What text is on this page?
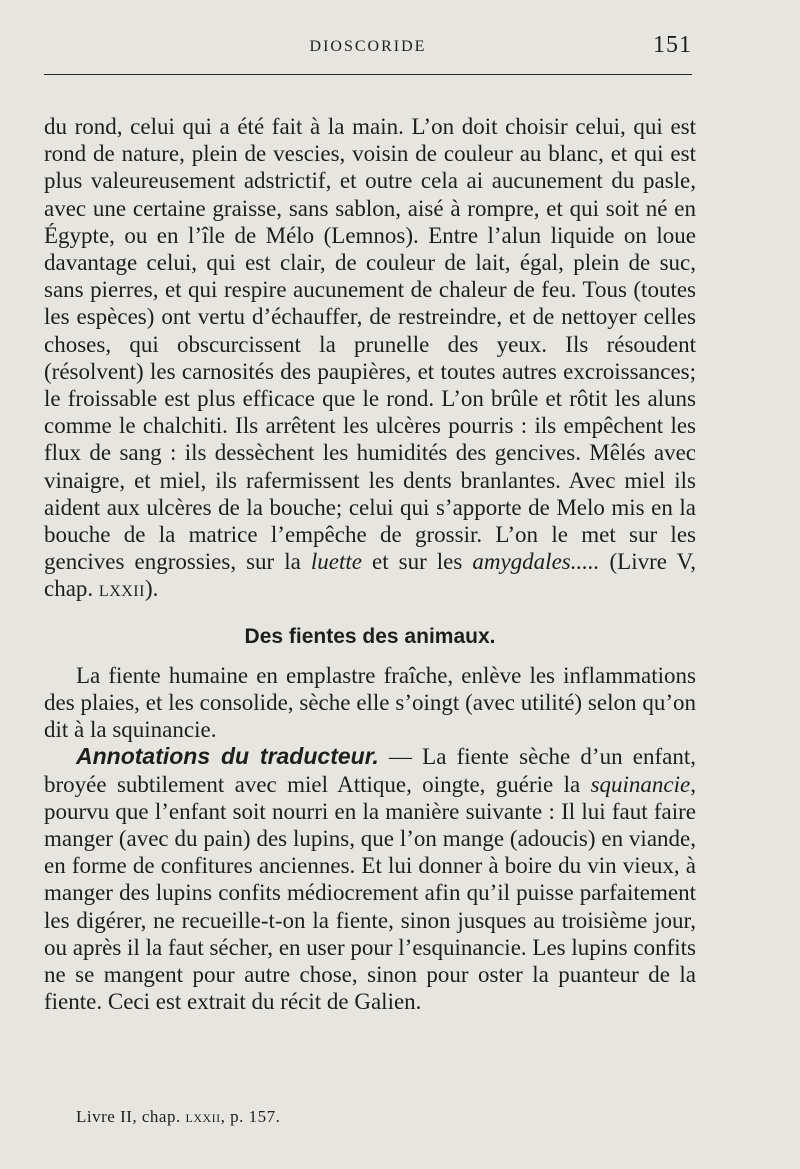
DIOSCORIDE	151

du rond, celui qui a été fait à la main. L’on doit choisir celui, qui est rond de nature, plein de vescies, voisin de couleur au blanc, et qui est plus valeureusement adstrictif, et outre cela ai aucunement du pasle, avec une certaine graisse, sans sablon, aisé à rompre, et qui soit né en Égypte, ou en l’île de Mélo (Lemnos). Entre l’alun liquide on loue davantage celui, qui est clair, de couleur de lait, égal, plein de suc, sans pierres, et qui respire aucunement de chaleur de feu. Tous (toutes les espèces) ont vertu d’échauffer, de restreindre, et de nettoyer celles choses, qui obscurcissent la prunelle des yeux. Ils résoudent (résolvent) les carnosités des paupières, et toutes autres excroissances; le froissable est plus efficace que le rond. L’on brûle et rôtit les aluns comme le chalchiti. Ils arrêtent les ulcères pourris : ils empêchent les flux de sang : ils dessèchent les humidités des gencives. Mêlés avec vinaigre, et miel, ils rafermissent les dents branlantes. Avec miel ils aident aux ulcères de la bouche; celui qui s’apporte de Melo mis en la bouche de la matrice l’empêche de grossir. L’on le met sur les gencives engrossies, sur la luette et sur les amygdales..... (Livre V, chap. lxxii).

Des fientes des animaux.

La fiente humaine en emplastre fraîche, enlève les inflammations des plaies, et les consolide, sèche elle s’oingt (avec utilité) selon qu’on dit à la squinancie.

Annotations du traducteur. — La fiente sèche d’un enfant, broyée subtilement avec miel Attique, oingte, guérie la squinancie, pourvu que l’enfant soit nourri en la manière suivante : Il lui faut faire manger (avec du pain) des lupins, que l’on mange (adoucis) en viande, en forme de confitures anciennes. Et lui donner à boire du vin vieux, à manger des lupins confits médiocrement afin qu’il puisse parfaitement les digérer, ne recueille-t-on la fiente, sinon jusques au troisième jour, ou après il la faut sécher, en user pour l’esquinancie. Les lupins confits ne se mangent pour autre chose, sinon pour oster la puanteur de la fiente. Ceci est extrait du récit de Galien.

Livre II, chap. lxxii, p. 157.
